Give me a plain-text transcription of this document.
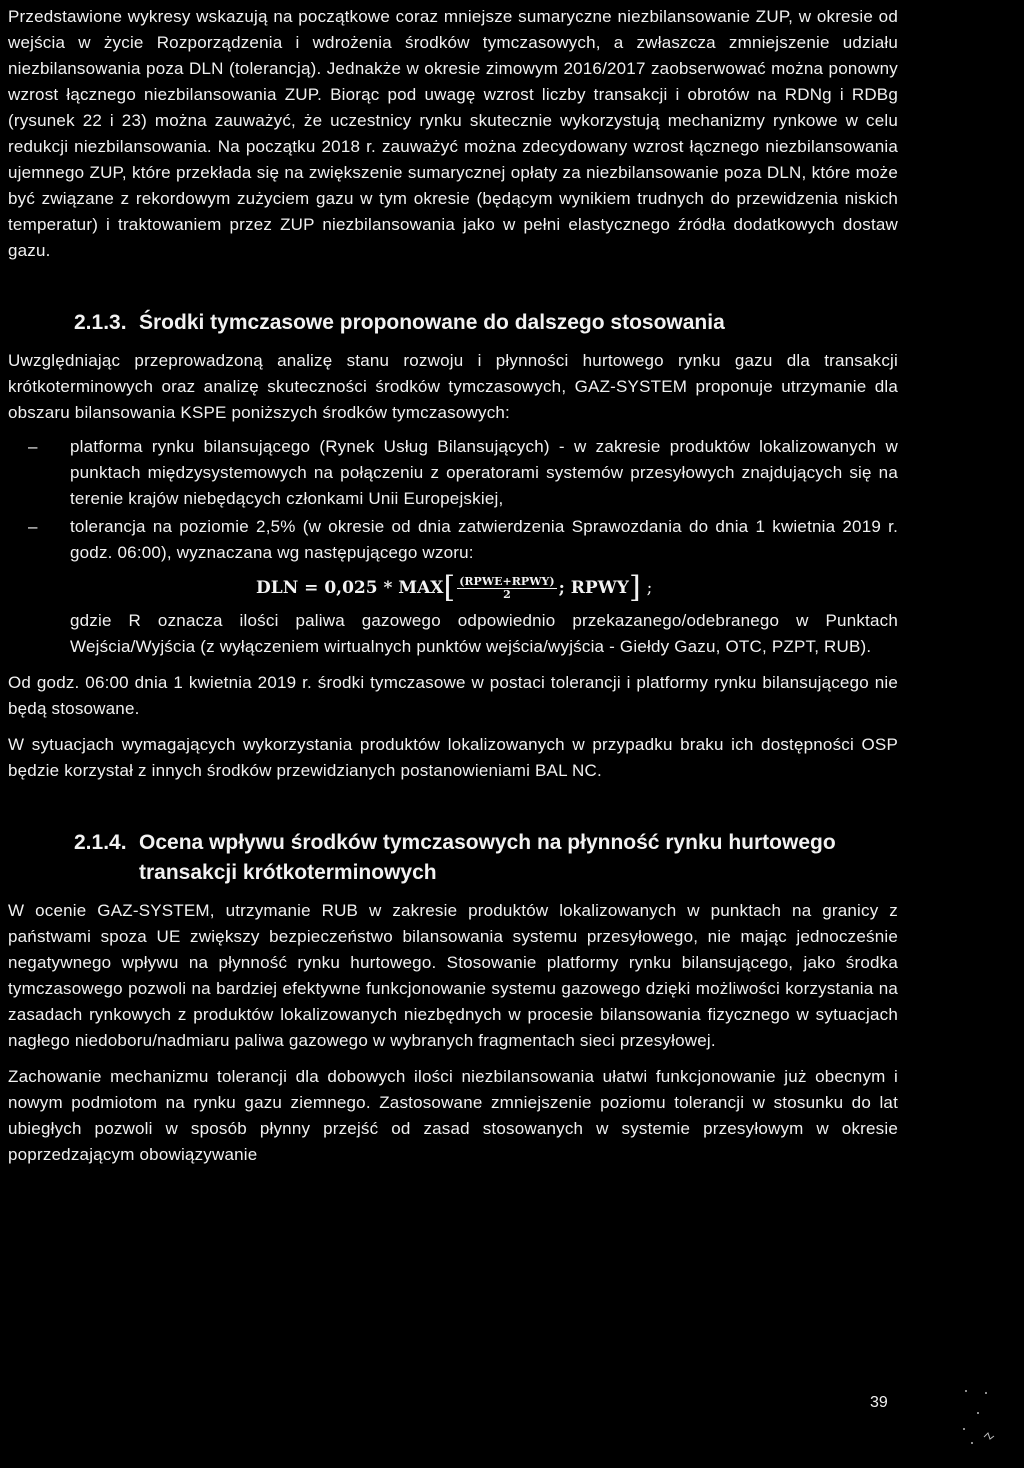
Przedstawione wykresy wskazują na początkowe coraz mniejsze sumaryczne niezbilansowanie ZUP, w okresie od wejścia w życie Rozporządzenia i wdrożenia środków tymczasowych, a zwłaszcza zmniejszenie udziału niezbilansowania poza DLN (tolerancją). Jednakże w okresie zimowym 2016/2017 zaobserwować można ponowny wzrost łącznego niezbilansowania ZUP. Biorąc pod uwagę wzrost liczby transakcji i obrotów na RDNg i RDBg (rysunek 22 i 23) można zauważyć, że uczestnicy rynku skutecznie wykorzystują mechanizmy rynkowe w celu redukcji niezbilansowania. Na początku 2018 r. zauważyć można zdecydowany wzrost łącznego niezbilansowania ujemnego ZUP, które przekłada się na zwiększenie sumarycznej opłaty za niezbilansowanie poza DLN, które może być związane z rekordowym zużyciem gazu w tym okresie (będącym wynikiem trudnych do przewidzenia niskich temperatur) i traktowaniem przez ZUP niezbilansowania jako w pełni elastycznego źródła dodatkowych dostaw gazu.

2.1.3. Środki tymczasowe proponowane do dalszego stosowania

Uwzględniając przeprowadzoną analizę stanu rozwoju i płynności hurtowego rynku gazu dla transakcji krótkoterminowych oraz analizę skuteczności środków tymczasowych, GAZ-SYSTEM proponuje utrzymanie dla obszaru bilansowania KSPE poniższych środków tymczasowych:

– platforma rynku bilansującego (Rynek Usług Bilansujących) - w zakresie produktów lokalizowanych w punktach międzysystemowych na połączeniu z operatorami systemów przesyłowych znajdujących się na terenie krajów niebędących członkami Unii Europejskiej,
– tolerancja na poziomie 2,5% (w okresie od dnia zatwierdzenia Sprawozdania do dnia 1 kwietnia 2019 r. godz. 06:00), wyznaczana wg następującego wzoru:
DLN = 0,025 * MAX [ $\frac{\text{(RPWE+RPWY)}}{2}$ ; RPWY ] ;

gdzie R oznacza ilości paliwa gazowego odpowiednio przekazanego/odebranego w Punktach Wejścia/Wyjścia (z wyłączeniem wirtualnych punktów wejścia/wyjścia - Giełdy Gazu, OTC, PZPT, RUB).

Od godz. 06:00 dnia 1 kwietnia 2019 r. środki tymczasowe w postaci tolerancji i platformy rynku bilansującego nie będą stosowane.

W sytuacjach wymagających wykorzystania produktów lokalizowanych w przypadku braku ich dostępności OSP będzie korzystał z innych środków przewidzianych postanowieniami BAL NC.

2.1.4. Ocena wpływu środków tymczasowych na płynność rynku hurtowego transakcji krótkoterminowych

W ocenie GAZ-SYSTEM, utrzymanie RUB w zakresie produktów lokalizowanych w punktach na granicy z państwami spoza UE zwiększy bezpieczeństwo bilansowania systemu przesyłowego, nie mając jednocześnie negatywnego wpływu na płynność rynku hurtowego. Stosowanie platformy rynku bilansującego, jako środka tymczasowego pozwoli na bardziej efektywne funkcjonowanie systemu gazowego dzięki możliwości korzystania na zasadach rynkowych z produktów lokalizowanych niezbędnych w procesie bilansowania fizycznego w sytuacjach nagłego niedoboru/nadmiaru paliwa gazowego w wybranych fragmentach sieci przesyłowej.

Zachowanie mechanizmu tolerancji dla dobowych ilości niezbilansowania ułatwi funkcjonowanie już obecnym i nowym podmiotom na rynku gazu ziemnego. Zastosowane zmniejszenie poziomu tolerancji w stosunku do lat ubiegłych pozwoli w sposób płynny przejść od zasad stosowanych w systemie przesyłowym w okresie poprzedzającym obowiązywanie

39
